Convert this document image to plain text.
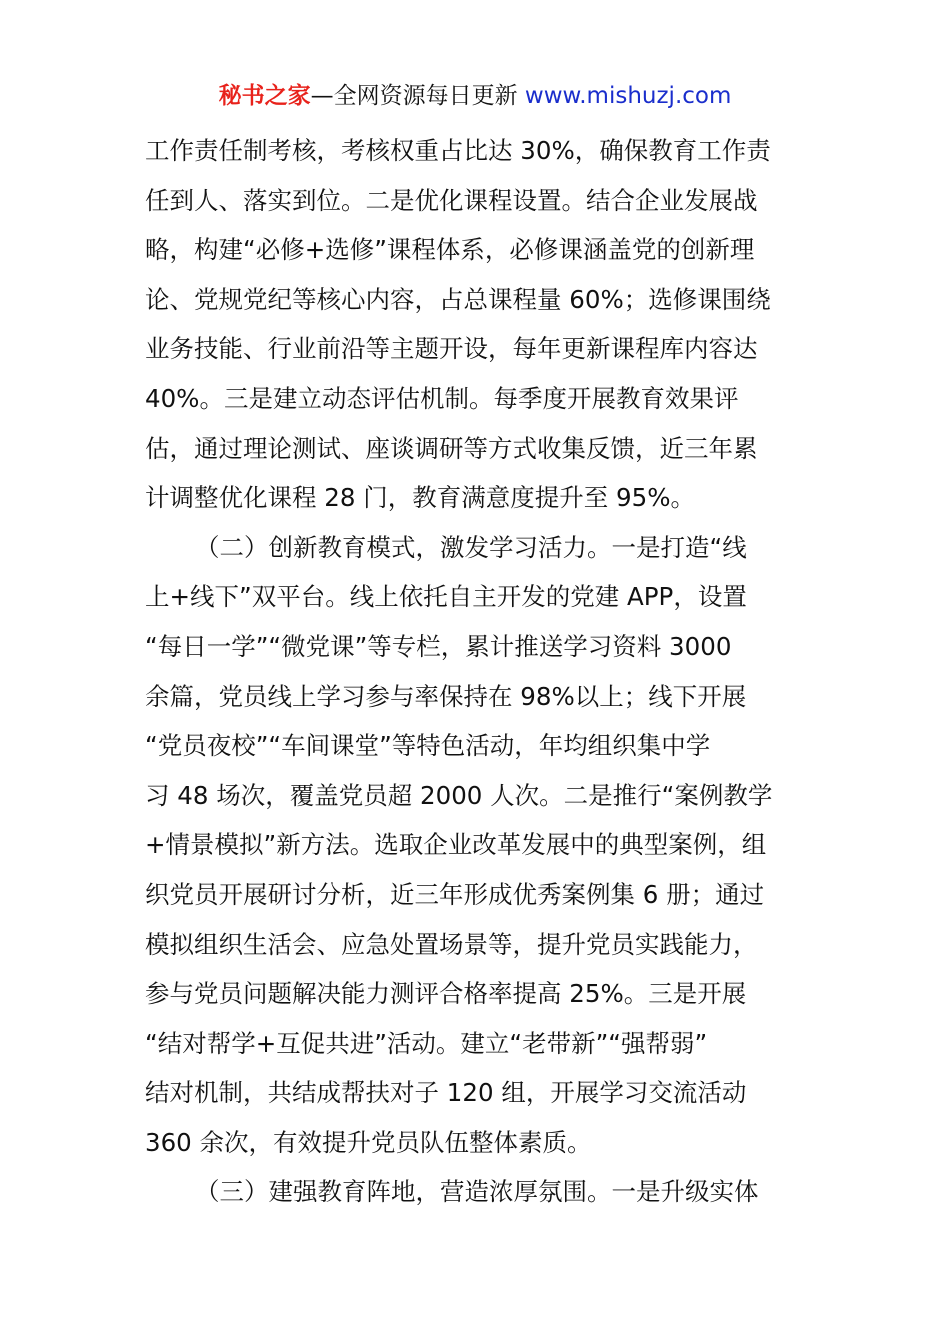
秘书之家—全网资源每日更新 www.mishuzj.com
工作责任制考核，考核权重占比达 30%，确保教育工作责
任到人、落实到位。二是优化课程设置。结合企业发展战
略，构建“必修+选修”课程体系，必修课涵盖党的创新理
论、党规党纪等核心内容，占总课程量 60%；选修课围绕
业务技能、行业前沿等主题开设，每年更新课程库内容达
40%。三是建立动态评估机制。每季度开展教育效果评
估，通过理论测试、座谈调研等方式收集反馈，近三年累
计调整优化课程 28 门，教育满意度提升至 95%。
（二）创新教育模式，激发学习活力。一是打造“线
上+线下”双平台。线上依托自主开发的党建 APP，设置
“每日一学”“微党课”等专栏，累计推送学习资料 3000
余篇，党员线上学习参与率保持在 98%以上；线下开展
“党员夜校”“车间课堂”等特色活动，年均组织集中学
习 48 场次，覆盖党员超 2000 人次。二是推行“案例教学
+情景模拟”新方法。选取企业改革发展中的典型案例，组
织党员开展研讨分析，近三年形成优秀案例集 6 册；通过
模拟组织生活会、应急处置场景等，提升党员实践能力，
参与党员问题解决能力测评合格率提高 25%。三是开展
“结对帮学+互促共进”活动。建立“老带新”“强帮弱”
结对机制，共结成帮扶对子 120 组，开展学习交流活动
360 余次，有效提升党员队伍整体素质。
（三）建强教育阵地，营造浓厚氛围。一是升级实体
